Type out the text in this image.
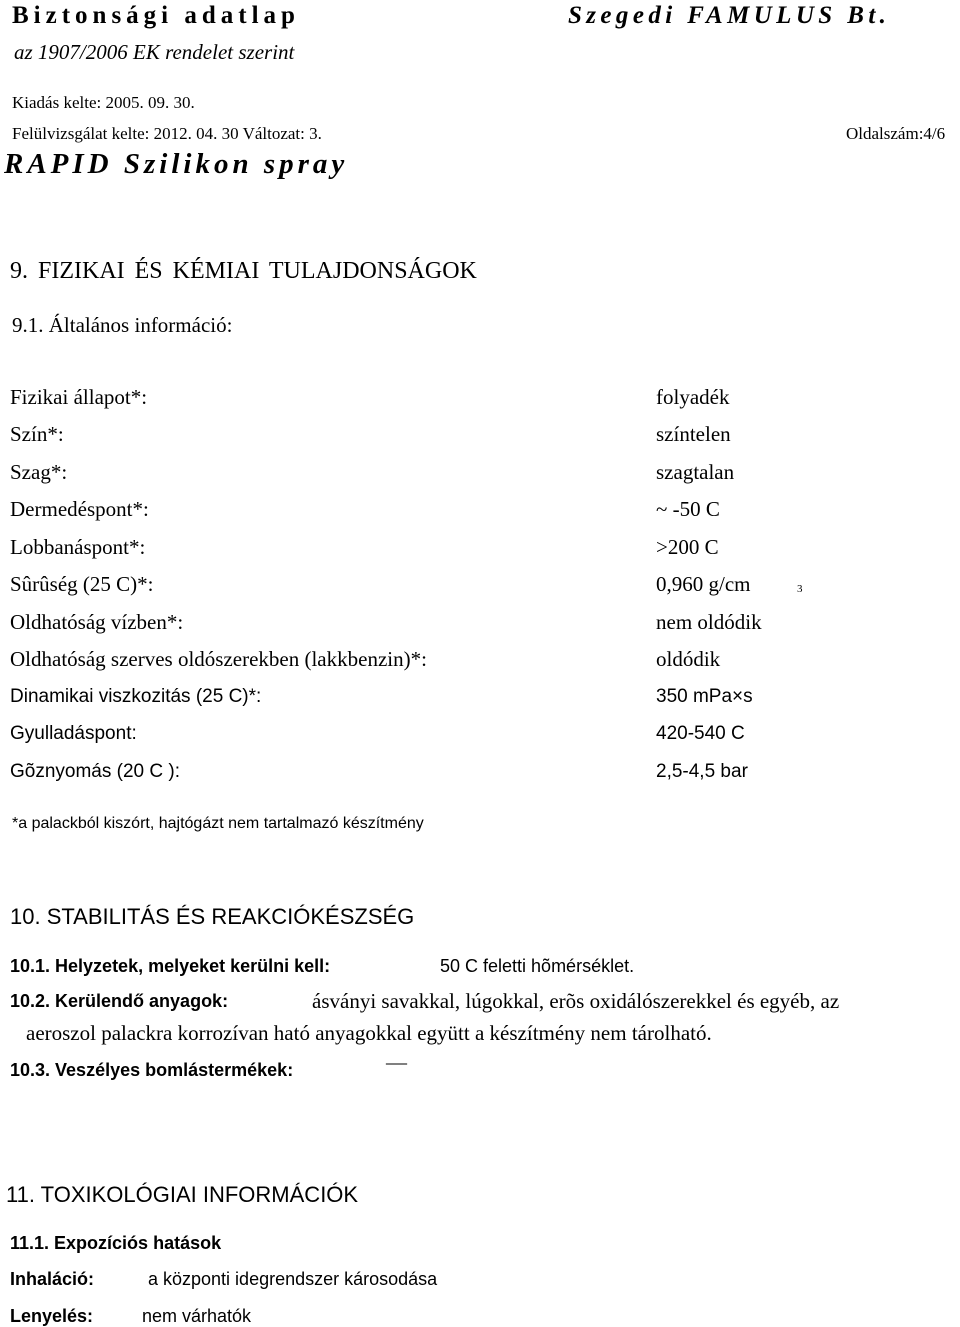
Biztonsági adatlap	Szegedi FAMULUS Bt.
az 1907/2006 EK rendelet szerint
Kiadás kelte: 2005. 09. 30.
Felülvizsgálat kelte: 2012. 04. 30 Változat: 3.	Oldalszám:4/6
RAPID Szilikon spray
9. FIZIKAI ÉS KÉMIAI TULAJDONSÁGOK
9.1. Általános információ:
Fizikai állapot*:	folyadék
Szín*:	színtelen
Szag*:	szagtalan
Dermedéspont*:	~ -50 C
Lobbanáspont*:	>200 C
Sûrûség (25 C)*:	0,960 g/cm	3
Oldhatóság vízben*:	nem oldódik
Oldhatóság szerves oldószerekben (lakkbenzin)*:	oldódik
Dinamikai viszkozitás (25 C)*:	350 mPa×s
Gyulladáspont:	420-540 C
Gõznyomás (20 C ):	2,5-4,5 bar
*a palackból kiszórt, hajtógázt nem tartalmazó készítmény
10. STABILITÁS ÉS REAKCIÓKÉSZSÉG
10.1. Helyzetek, melyeket kerülni kell:	50 C feletti hõmérséklet.
10.2. Kerülendő anyagok:	ásványi savakkal, lúgokkal, erõs oxidálószerekkel és egyéb, az
aeroszol palackra korrozívan ható anyagokkal együtt a készítmény nem tárolható.
10.3. Veszélyes bomlástermékek:	—
11. TOXIKOLÓGIAI INFORMÁCIÓK
11.1. Expozíciós hatások
Inhaláció:	a központi idegrendszer károsodása
Lenyelés:	nem várhatók
